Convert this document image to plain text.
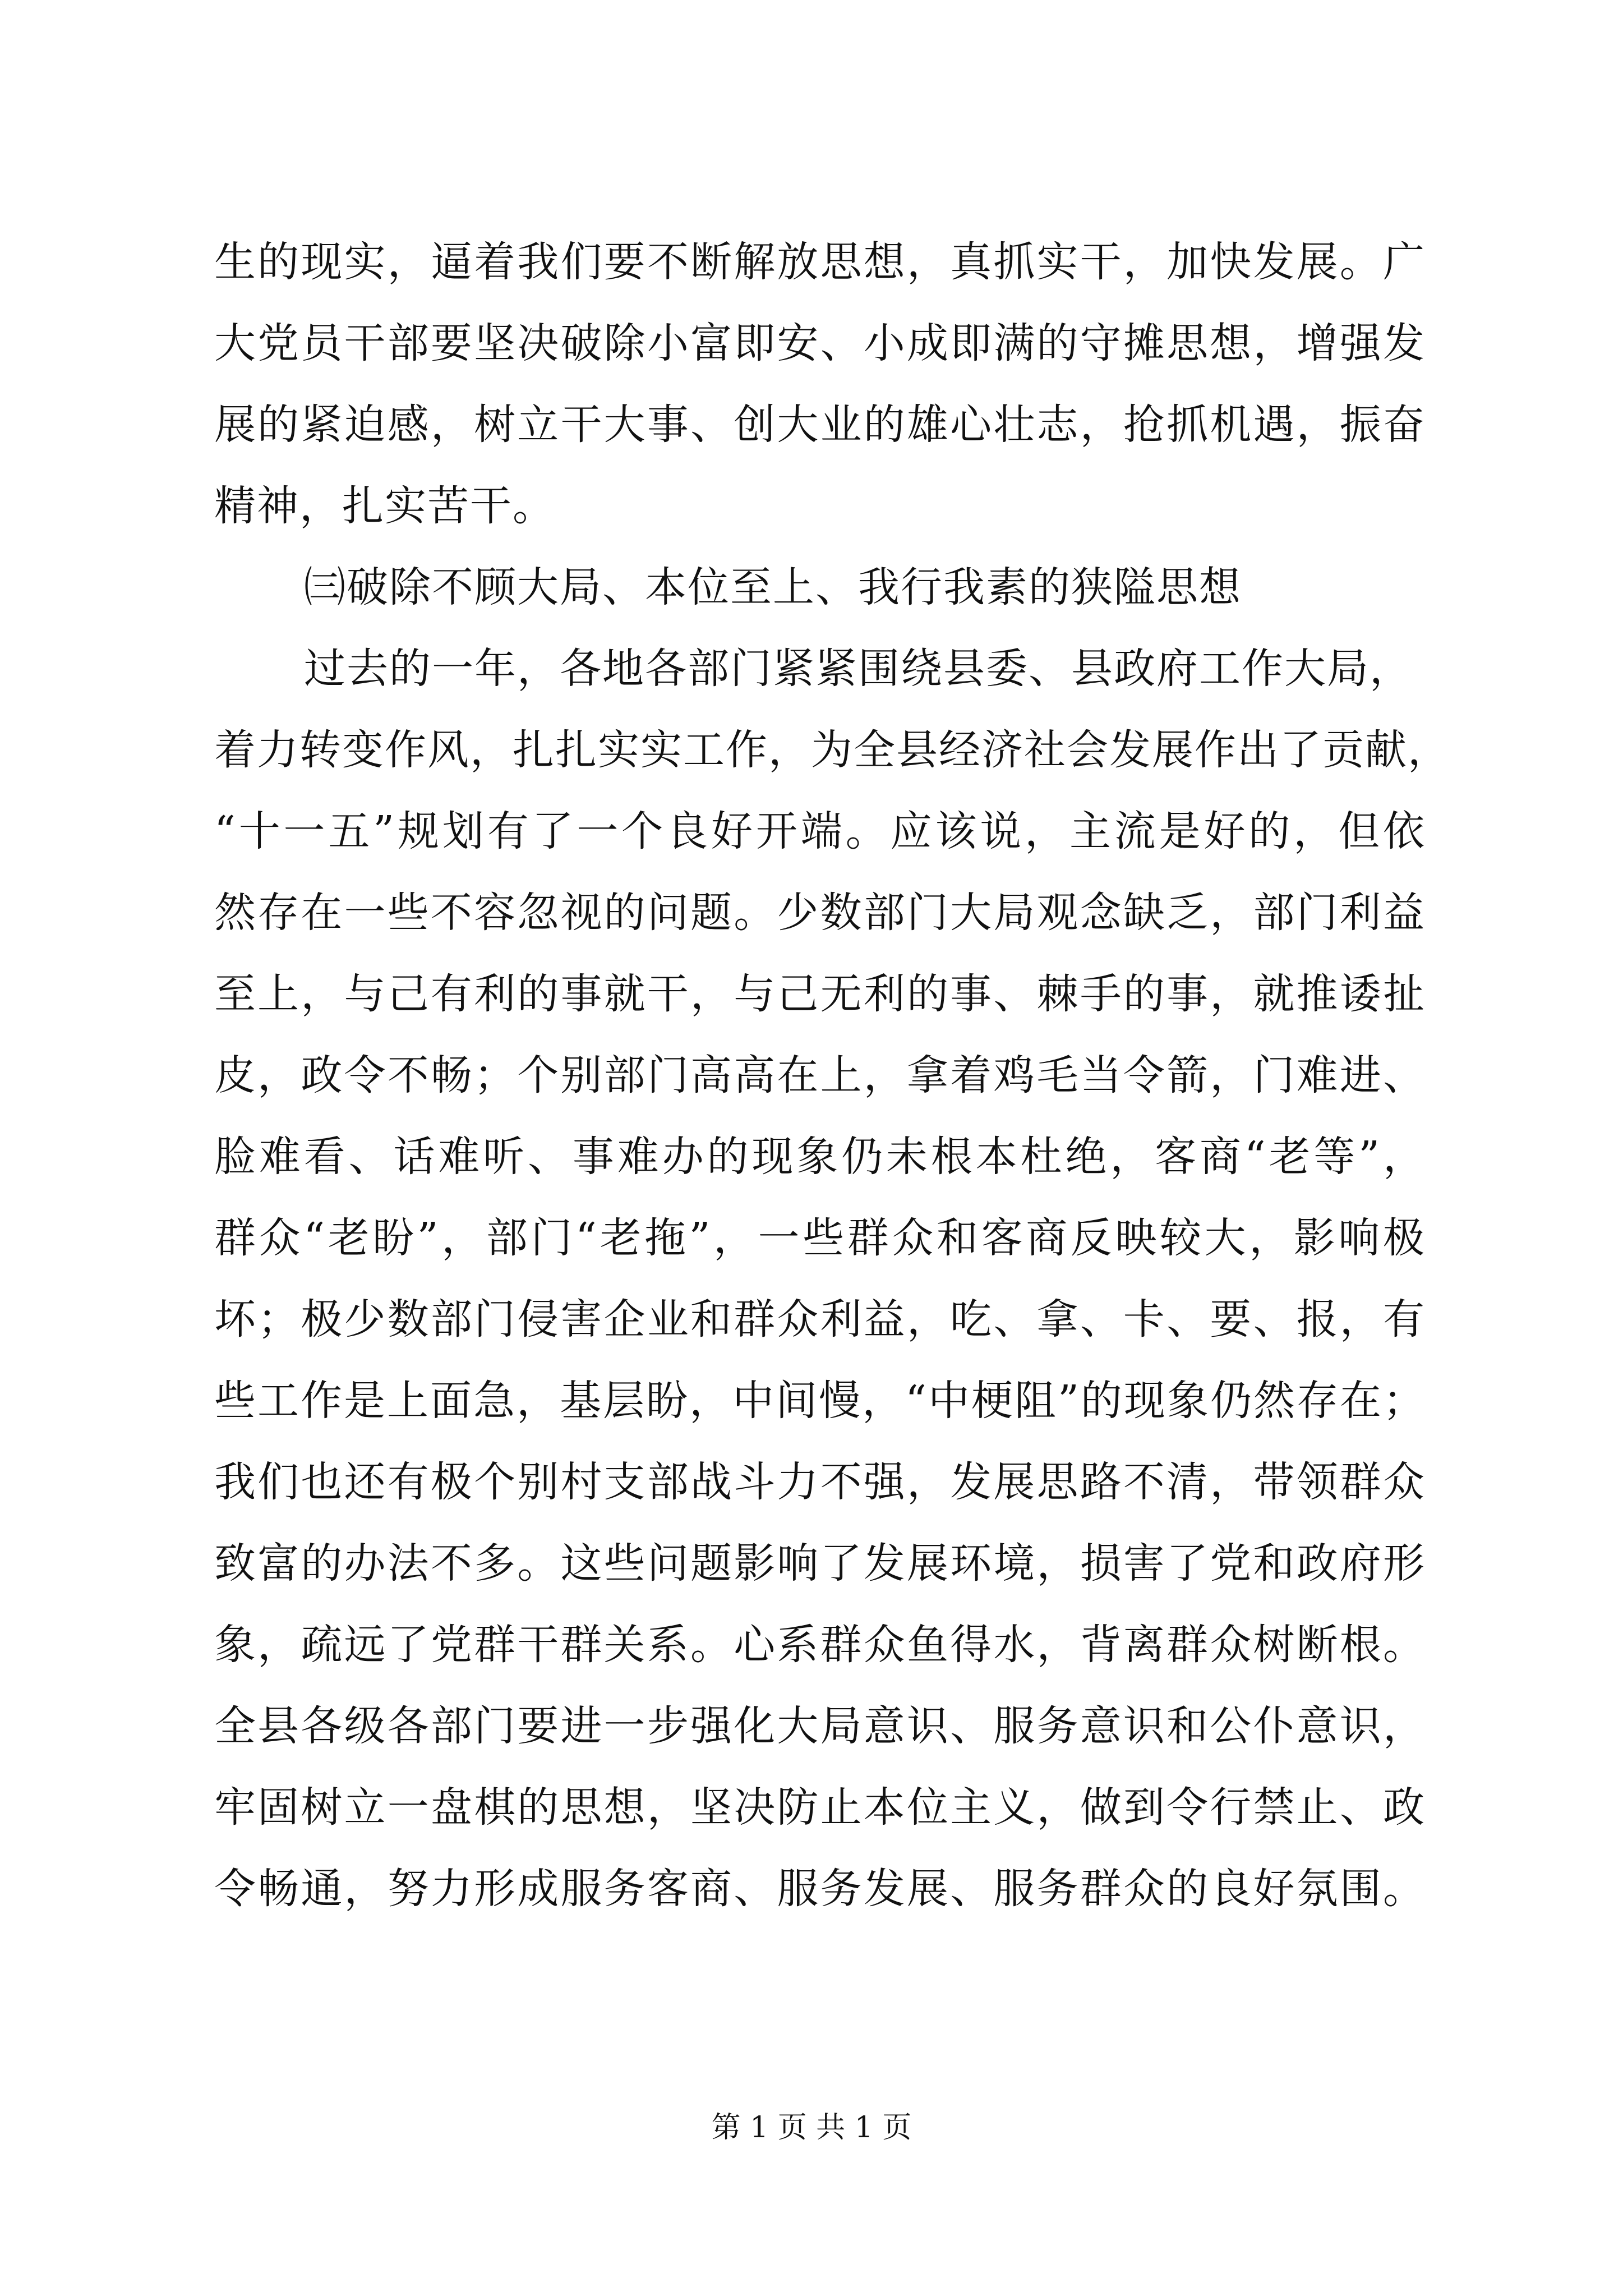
生的现实，逼着我们要不断解放思想，真抓实干，加快发展。广
大党员干部要坚决破除小富即安、小成即满的守摊思想，增强发
展的紧迫感，树立干大事、创大业的雄心壮志，抢抓机遇，振奋
精神，扎实苦干。
㈢破除不顾大局、本位至上、我行我素的狭隘思想
过去的一年，各地各部门紧紧围绕县委、县政府工作大局，
着力转变作风，扎扎实实工作，为全县经济社会发展作出了贡献，
“十一五”规划有了一个良好开端。应该说，主流是好的，但依
然存在一些不容忽视的问题。少数部门大局观念缺乏，部门利益
至上，与己有利的事就干，与己无利的事、棘手的事，就推诿扯
皮，政令不畅；个别部门高高在上，拿着鸡毛当令箭，门难进、
脸难看、话难听、事难办的现象仍未根本杜绝，客商“老等”，
群众“老盼”，部门“老拖”，一些群众和客商反映较大，影响极
坏；极少数部门侵害企业和群众利益，吃、拿、卡、要、报，有
些工作是上面急，基层盼，中间慢，“中梗阻”的现象仍然存在；
我们也还有极个别村支部战斗力不强，发展思路不清，带领群众
致富的办法不多。这些问题影响了发展环境，损害了党和政府形
象，疏远了党群干群关系。心系群众鱼得水，背离群众树断根。
全县各级各部门要进一步强化大局意识、服务意识和公仆意识，
牢固树立一盘棋的思想，坚决防止本位主义，做到令行禁止、政
令畅通，努力形成服务客商、服务发展、服务群众的良好氛围。
第 1 页 共 1 页
